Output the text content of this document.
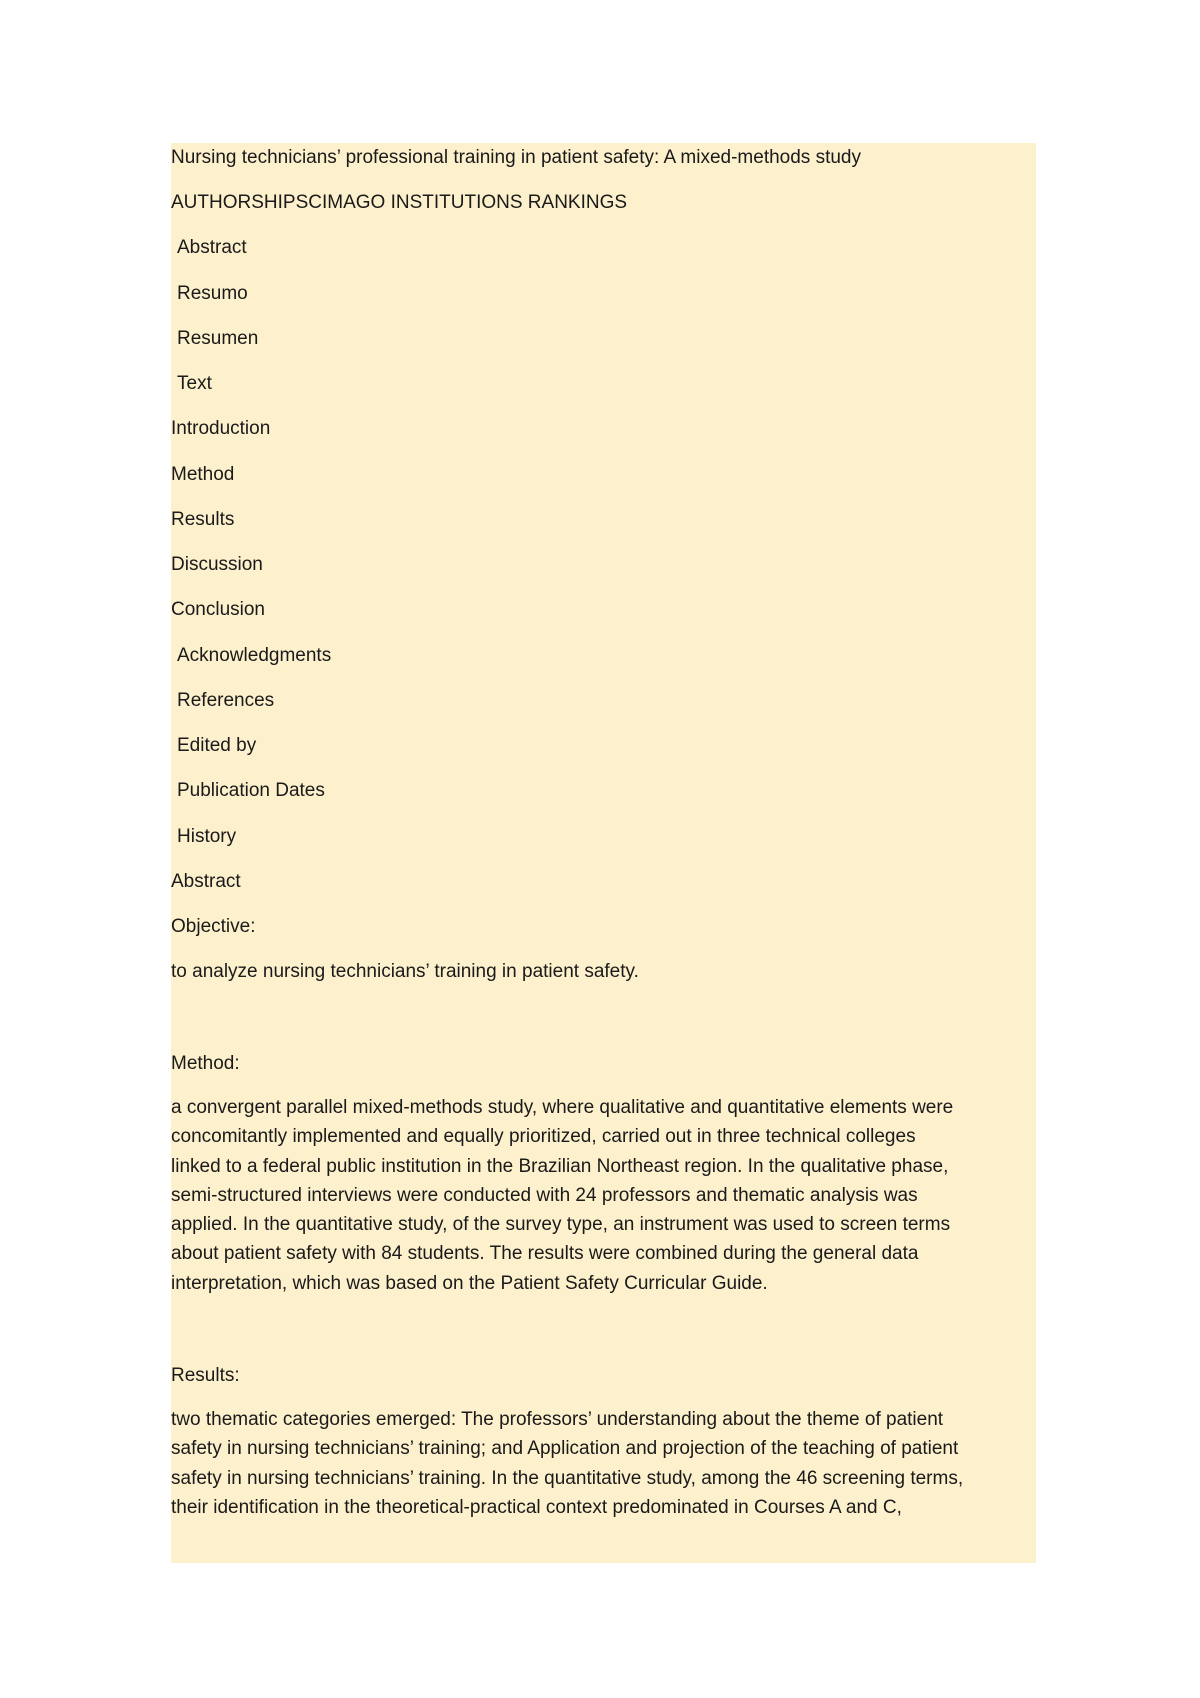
Nursing technicians’ professional training in patient safety: A mixed-methods study
AUTHORSHIPSCIMAGO INSTITUTIONS RANKINGS
Abstract
Resumo
Resumen
Text
Introduction
Method
Results
Discussion
Conclusion
Acknowledgments
References
Edited by
Publication Dates
History
Abstract
Objective:
to analyze nursing technicians’ training in patient safety.
Method:
a convergent parallel mixed-methods study, where qualitative and quantitative elements were
concomitantly implemented and equally prioritized, carried out in three technical colleges
linked to a federal public institution in the Brazilian Northeast region. In the qualitative phase,
semi-structured interviews were conducted with 24 professors and thematic analysis was
applied. In the quantitative study, of the survey type, an instrument was used to screen terms
about patient safety with 84 students. The results were combined during the general data
interpretation, which was based on the Patient Safety Curricular Guide.
Results:
two thematic categories emerged: The professors’ understanding about the theme of patient
safety in nursing technicians’ training; and Application and projection of the teaching of patient
safety in nursing technicians’ training. In the quantitative study, among the 46 screening terms,
their identification in the theoretical-practical context predominated in Courses A and C,
